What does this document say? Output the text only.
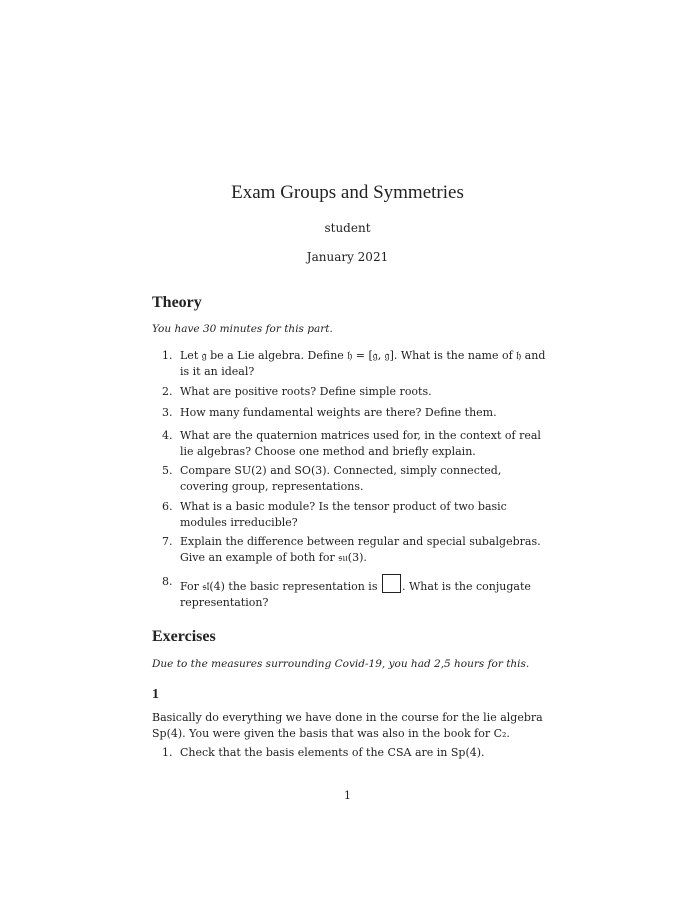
Exam Groups and Symmetries
student
January 2021
Theory
You have 30 minutes for this part.
1. Let 𝔤 be a Lie algebra. Define 𝔥 = [𝔤, 𝔤]. What is the name of 𝔥 and is it an ideal?
2. What are positive roots? Define simple roots.
3. How many fundamental weights are there? Define them.
4. What are the quaternion matrices used for, in the context of real lie algebras? Choose one method and briefly explain.
5. Compare SU(2) and SO(3). Connected, simply connected, covering group, representations.
6. What is a basic module? Is the tensor product of two basic modules irreducible?
7. Explain the difference between regular and special subalgebras. Give an example of both for 𝔰𝔲(3).
8. For 𝔰𝔩(4) the basic representation is . What is the conjugate representation?
Exercises
Due to the measures surrounding Covid-19, you had 2,5 hours for this.
1
Basically do everything we have done in the course for the lie algebra Sp(4). You were given the basis that was also in the book for C₂.
1. Check that the basis elements of the CSA are in Sp(4).
1
